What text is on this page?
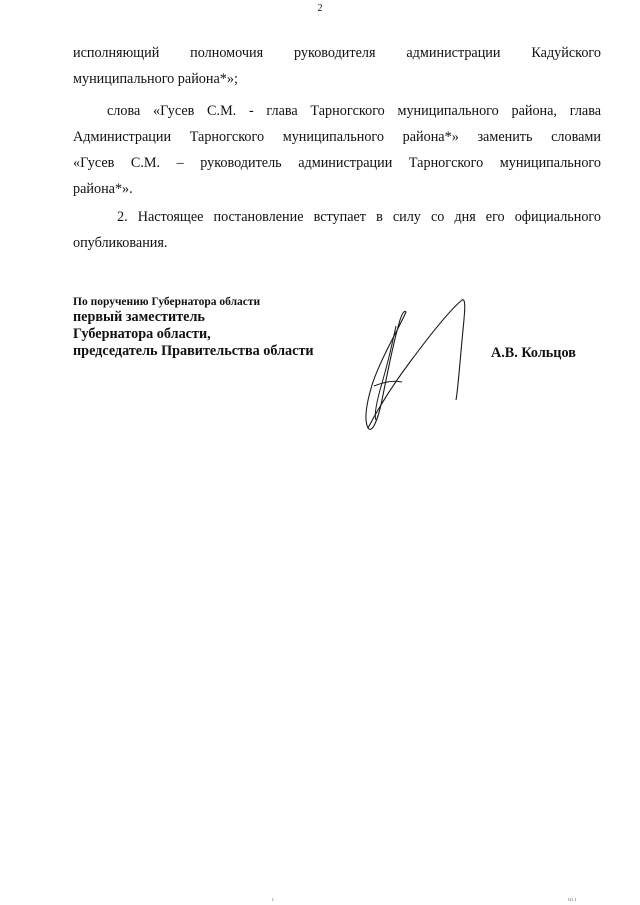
2

исполняющий полномочия руководителя администрации Кадуйского

муниципального района*»;

слова «Гусев С.М. - глава Тарногского муниципального района, глава

Администрации Тарногского муниципального района*» заменить словами

«Гусев С.М. – руководитель администрации Тарногского муниципального

района*».

2. Настоящее постановление вступает в силу со дня его официального

опубликования.

По поручению Губернатора области

первый заместитель

Губернатора области,

председатель Правительства области	А.В. Кольцов
ı	ııı ı
